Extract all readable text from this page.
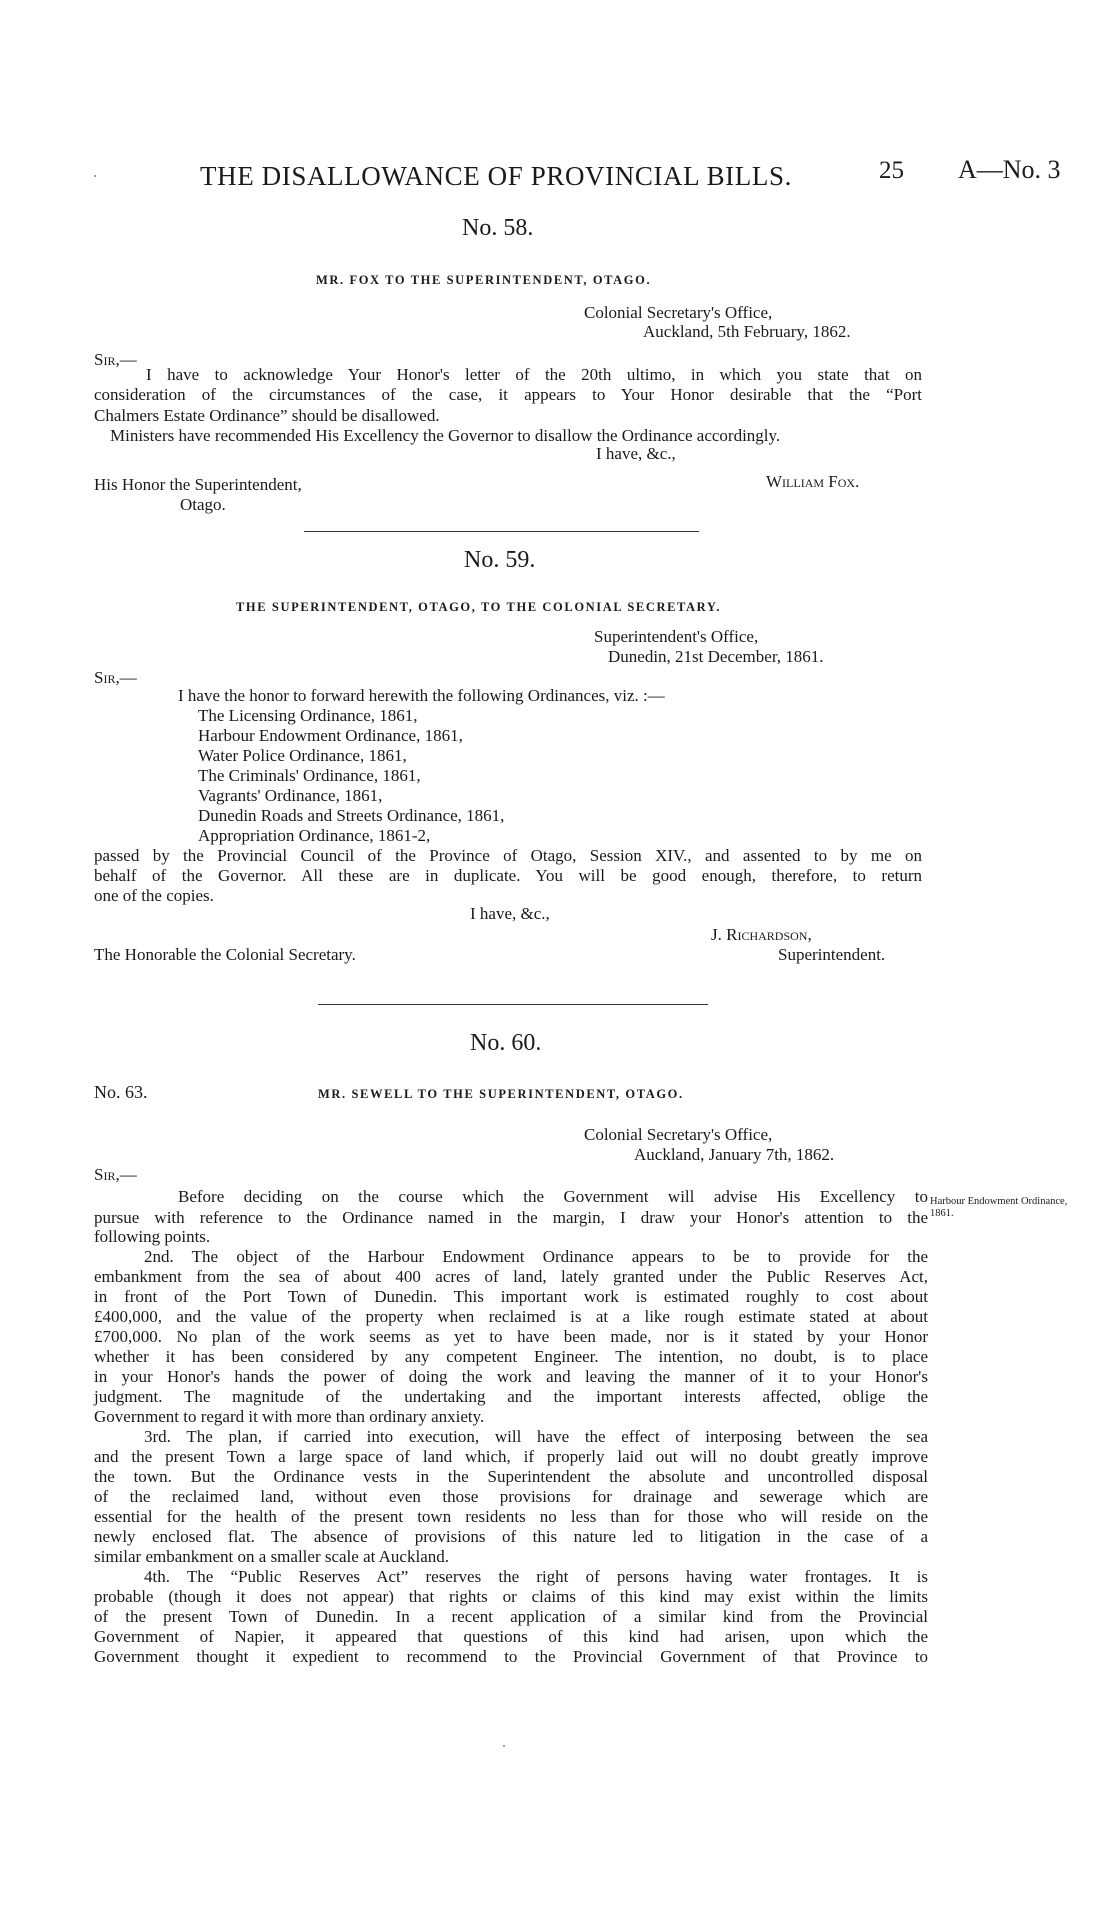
THE DISALLOWANCE OF PROVINCIAL BILLS.	25 A—No. 3
No. 58.
MR. FOX TO THE SUPERINTENDENT, OTAGO.
Colonial Secretary's Office,
Auckland, 5th February, 1862.
Sir,—
I have to acknowledge Your Honor's letter of the 20th ultimo, in which you state that on
consideration of the circumstances of the case, it appears to Your Honor desirable that the “Port
Chalmers Estate Ordinance” should be disallowed.
Ministers have recommended His Excellency the Governor to disallow the Ordinance accordingly.
I have, &c.,
William Fox.
His Honor the Superintendent,
Otago.
No. 59.
THE SUPERINTENDENT, OTAGO, TO THE COLONIAL SECRETARY.
Superintendent's Office,
Dunedin, 21st December, 1861.
Sir,—
I have the honor to forward herewith the following Ordinances, viz. :—
The Licensing Ordinance, 1861,
Harbour Endowment Ordinance, 1861,
Water Police Ordinance, 1861,
The Criminals' Ordinance, 1861,
Vagrants' Ordinance, 1861,
Dunedin Roads and Streets Ordinance, 1861,
Appropriation Ordinance, 1861-2,
passed by the Provincial Council of the Province of Otago, Session XIV., and assented to by me on
behalf of the Governor. All these are in duplicate. You will be good enough, therefore, to return
one of the copies.
I have, &c.,
J. Richardson,
The Honorable the Colonial Secretary.	Superintendent.
No. 60.
No. 63.	MR. SEWELL TO THE SUPERINTENDENT, OTAGO.
Colonial Secretary's Office,
Auckland, January 7th, 1862.
Sir,—
Harbour Endowment Ordinance, 1861.
Before deciding on the course which the Government will advise His Excellency to
pursue with reference to the Ordinance named in the margin, I draw your Honor's attention to the
following points.
2nd. The object of the Harbour Endowment Ordinance appears to be to provide for the
embankment from the sea of about 400 acres of land, lately granted under the Public Reserves Act,
in front of the Port Town of Dunedin. This important work is estimated roughly to cost about
£400,000, and the value of the property when reclaimed is at a like rough estimate stated at about
£700,000. No plan of the work seems as yet to have been made, nor is it stated by your Honor
whether it has been considered by any competent Engineer. The intention, no doubt, is to place
in your Honor's hands the power of doing the work and leaving the manner of it to your Honor's
judgment. The magnitude of the undertaking and the important interests affected, oblige the
Government to regard it with more than ordinary anxiety.
3rd. The plan, if carried into execution, will have the effect of interposing between the sea
and the present Town a large space of land which, if properly laid out will no doubt greatly improve
the town. But the Ordinance vests in the Superintendent the absolute and uncontrolled disposal
of the reclaimed land, without even those provisions for drainage and sewerage which are
essential for the health of the present town residents no less than for those who will reside on the
newly enclosed flat. The absence of provisions of this nature led to litigation in the case of a
similar embankment on a smaller scale at Auckland.
4th. The “Public Reserves Act” reserves the right of persons having water frontages. It is
probable (though it does not appear) that rights or claims of this kind may exist within the limits
of the present Town of Dunedin. In a recent application of a similar kind from the Provincial
Government of Napier, it appeared that questions of this kind had arisen, upon which the
Government thought it expedient to recommend to the Provincial Government of that Province to
